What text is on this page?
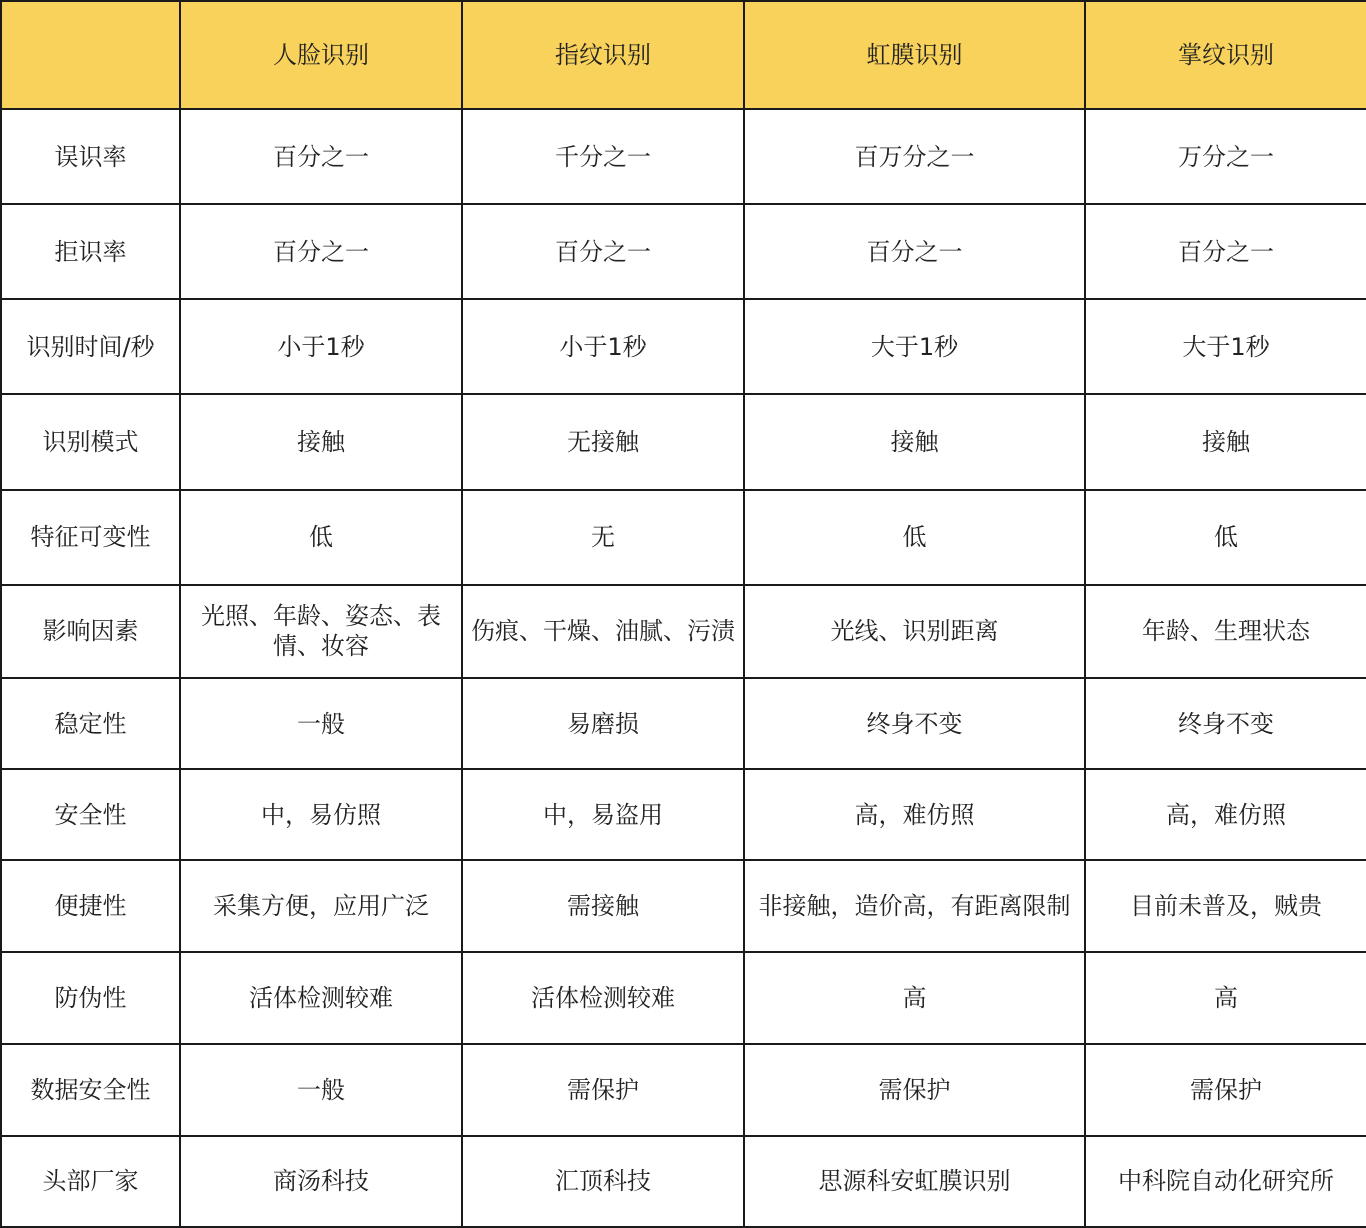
	人脸识别	指纹识别	虹膜识别	掌纹识别
误识率	百分之一	千分之一	百万分之一	万分之一
拒识率	百分之一	百分之一	百分之一	百分之一
识别时间/秒	小于1秒	小于1秒	大于1秒	大于1秒
识别模式	接触	无接触	接触	接触
特征可变性	低	无	低	低
影响因素	光照、年龄、姿态、表情、妆容	伤痕、干燥、油腻、污渍	光线、识别距离	年龄、生理状态
稳定性	一般	易磨损	终身不变	终身不变
安全性	中，易仿照	中，易盗用	高，难仿照	高，难仿照
便捷性	采集方便，应用广泛	需接触	非接触，造价高，有距离限制	目前未普及，贼贵
防伪性	活体检测较难	活体检测较难	高	高
数据安全性	一般	需保护	需保护	需保护
头部厂家	商汤科技	汇顶科技	思源科安虹膜识别	中科院自动化研究所
